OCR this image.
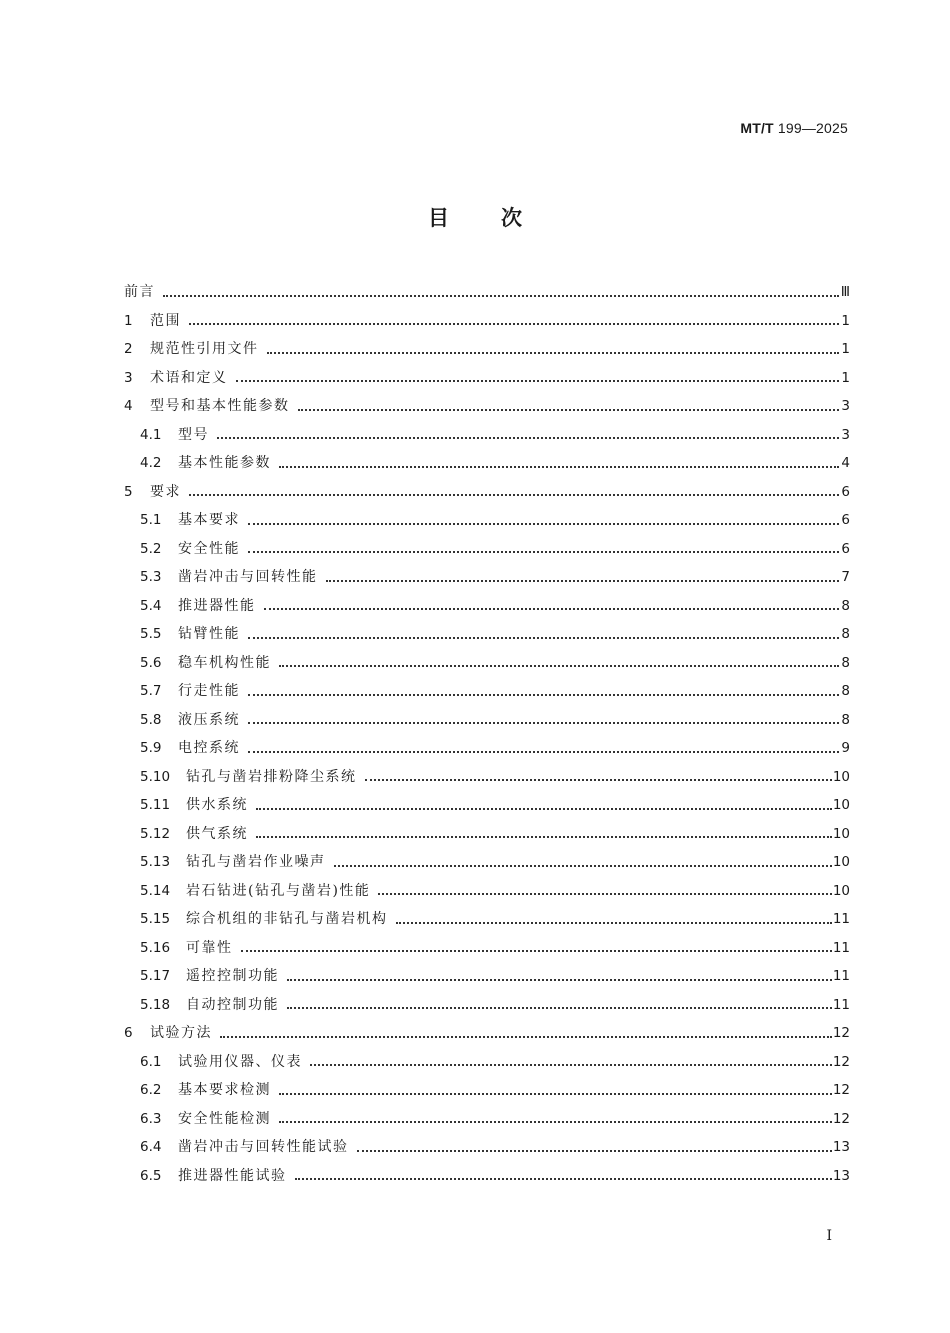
MT/T 199—2025
目次
前言	Ⅲ
1	范围	1
2	规范性引用文件	1
3	术语和定义	1
4	型号和基本性能参数	3
4.1	型号	3
4.2	基本性能参数	4
5	要求	6
5.1	基本要求	6
5.2	安全性能	6
5.3	凿岩冲击与回转性能	7
5.4	推进器性能	8
5.5	钻臂性能	8
5.6	稳车机构性能	8
5.7	行走性能	8
5.8	液压系统	8
5.9	电控系统	9
5.10	钻孔与凿岩排粉降尘系统	10
5.11	供水系统	10
5.12	供气系统	10
5.13	钻孔与凿岩作业噪声	10
5.14	岩石钻进(钻孔与凿岩)性能	10
5.15	综合机组的非钻孔与凿岩机构	11
5.16	可靠性	11
5.17	遥控控制功能	11
5.18	自动控制功能	11
6	试验方法	12
6.1	试验用仪器、仪表	12
6.2	基本要求检测	12
6.3	安全性能检测	12
6.4	凿岩冲击与回转性能试验	13
6.5	推进器性能试验	13
I
